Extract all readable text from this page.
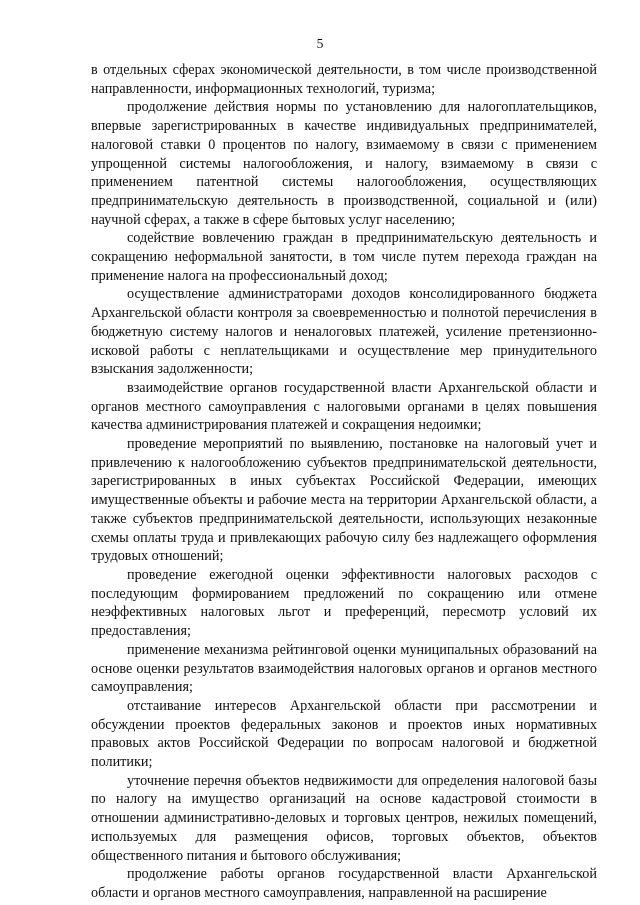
5

в отдельных сферах экономической деятельности, в том числе производственной направленности, информационных технологий, туризма;

продолжение действия нормы по установлению для налогоплательщиков, впервые зарегистрированных в качестве индивидуальных предпринимателей, налоговой ставки 0 процентов по налогу, взимаемому в связи с применением упрощенной системы налогообложения, и налогу, взимаемому в связи с применением патентной системы налогообложения, осуществляющих предпринимательскую деятельность в производственной, социальной и (или) научной сферах, а также в сфере бытовых услуг населению;

содействие вовлечению граждан в предпринимательскую деятельность и сокращению неформальной занятости, в том числе путем перехода граждан на применение налога на профессиональный доход;

осуществление администраторами доходов консолидированного бюджета Архангельской области контроля за своевременностью и полнотой перечисления в бюджетную систему налогов и неналоговых платежей, усиление претензионно-исковой работы с неплательщиками и осуществление мер принудительного взыскания задолженности;

взаимодействие органов государственной власти Архангельской области и органов местного самоуправления с налоговыми органами в целях повышения качества администрирования платежей и сокращения недоимки;

проведение мероприятий по выявлению, постановке на налоговый учет и привлечению к налогообложению субъектов предпринимательской деятельности, зарегистрированных в иных субъектах Российской Федерации, имеющих имущественные объекты и рабочие места на территории Архангельской области, а также субъектов предпринимательской деятельности, использующих незаконные схемы оплаты труда и привлекающих рабочую силу без надлежащего оформления трудовых отношений;

проведение ежегодной оценки эффективности налоговых расходов с последующим формированием предложений по сокращению или отмене неэффективных налоговых льгот и преференций, пересмотр условий их предоставления;

применение механизма рейтинговой оценки муниципальных образований на основе оценки результатов взаимодействия налоговых органов и органов местного самоуправления;

отстаивание интересов Архангельской области при рассмотрении и обсуждении проектов федеральных законов и проектов иных нормативных правовых актов Российской Федерации по вопросам налоговой и бюджетной политики;

уточнение перечня объектов недвижимости для определения налоговой базы по налогу на имущество организаций на основе кадастровой стоимости в отношении административно-деловых и торговых центров, нежилых помещений, используемых для размещения офисов, торговых объектов, объектов общественного питания и бытового обслуживания;

продолжение работы органов государственной власти Архангельской области и органов местного самоуправления, направленной на расширение
